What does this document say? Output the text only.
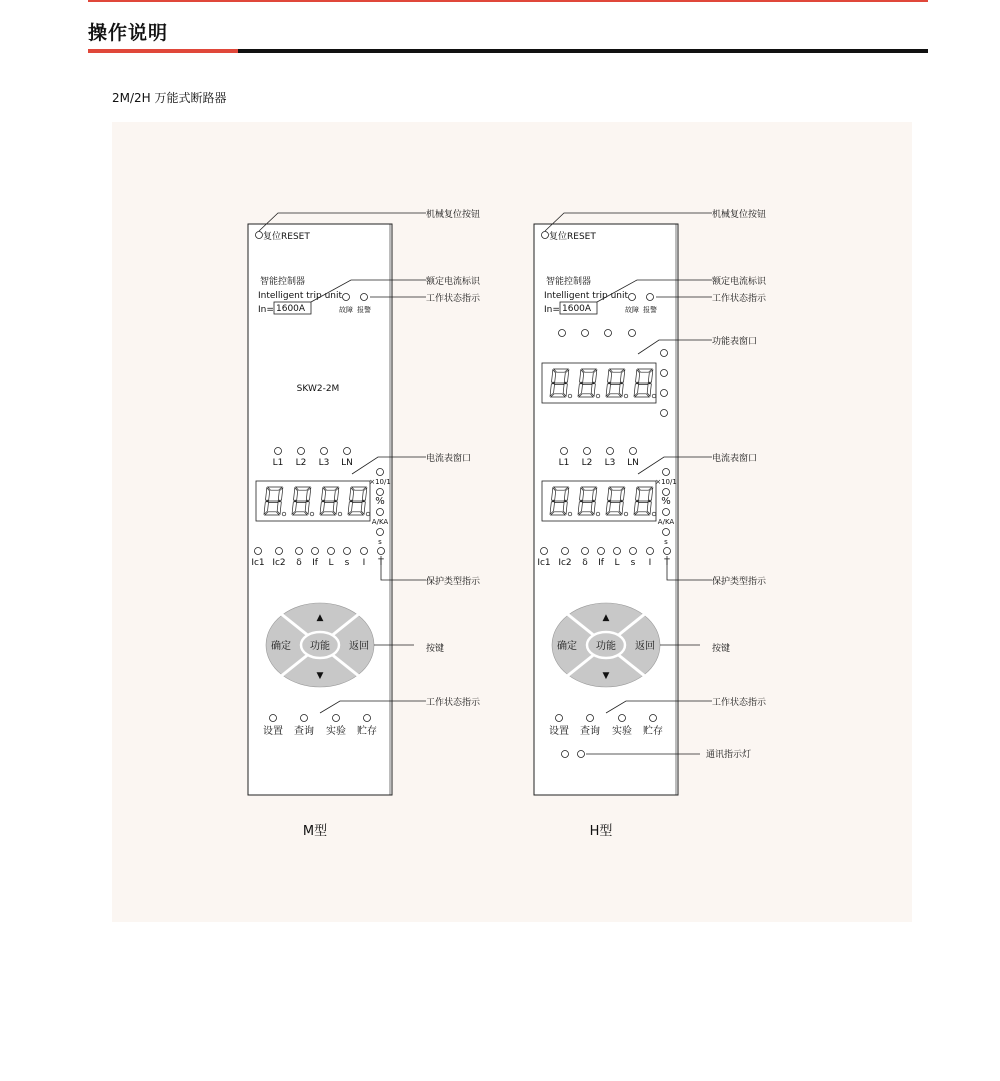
操作说明
2M/2H 万能式断路器
复位RESET
机械复位按钮
智能控制器
Intelligent trip unit
In= 1600A
额定电流标识
故障 报警
工作状态指示
SKW2-2M
L1 L2 L3 LN	电流表窗口
×10/1
%
A/KA
s
Ic1 Ic2 δ If L s I T
保护类型指示
功能
▲
▼
确定	返回	按键
设置 查询 实验 贮存
工作状态指示
M型
复位RESET
机械复位按钮
智能控制器
Intelligent trip unit
In= 1600A
额定电流标识
故障 报警
工作状态指示
功能表窗口
L1 L2 L3 LN	电流表窗口
×10/1
%
A/KA
s
Ic1 Ic2 δ If L s I T
保护类型指示
功能
▲
▼
确定	返回	按键
设置 查询 实验 贮存
工作状态指示
通讯指示灯
H型
